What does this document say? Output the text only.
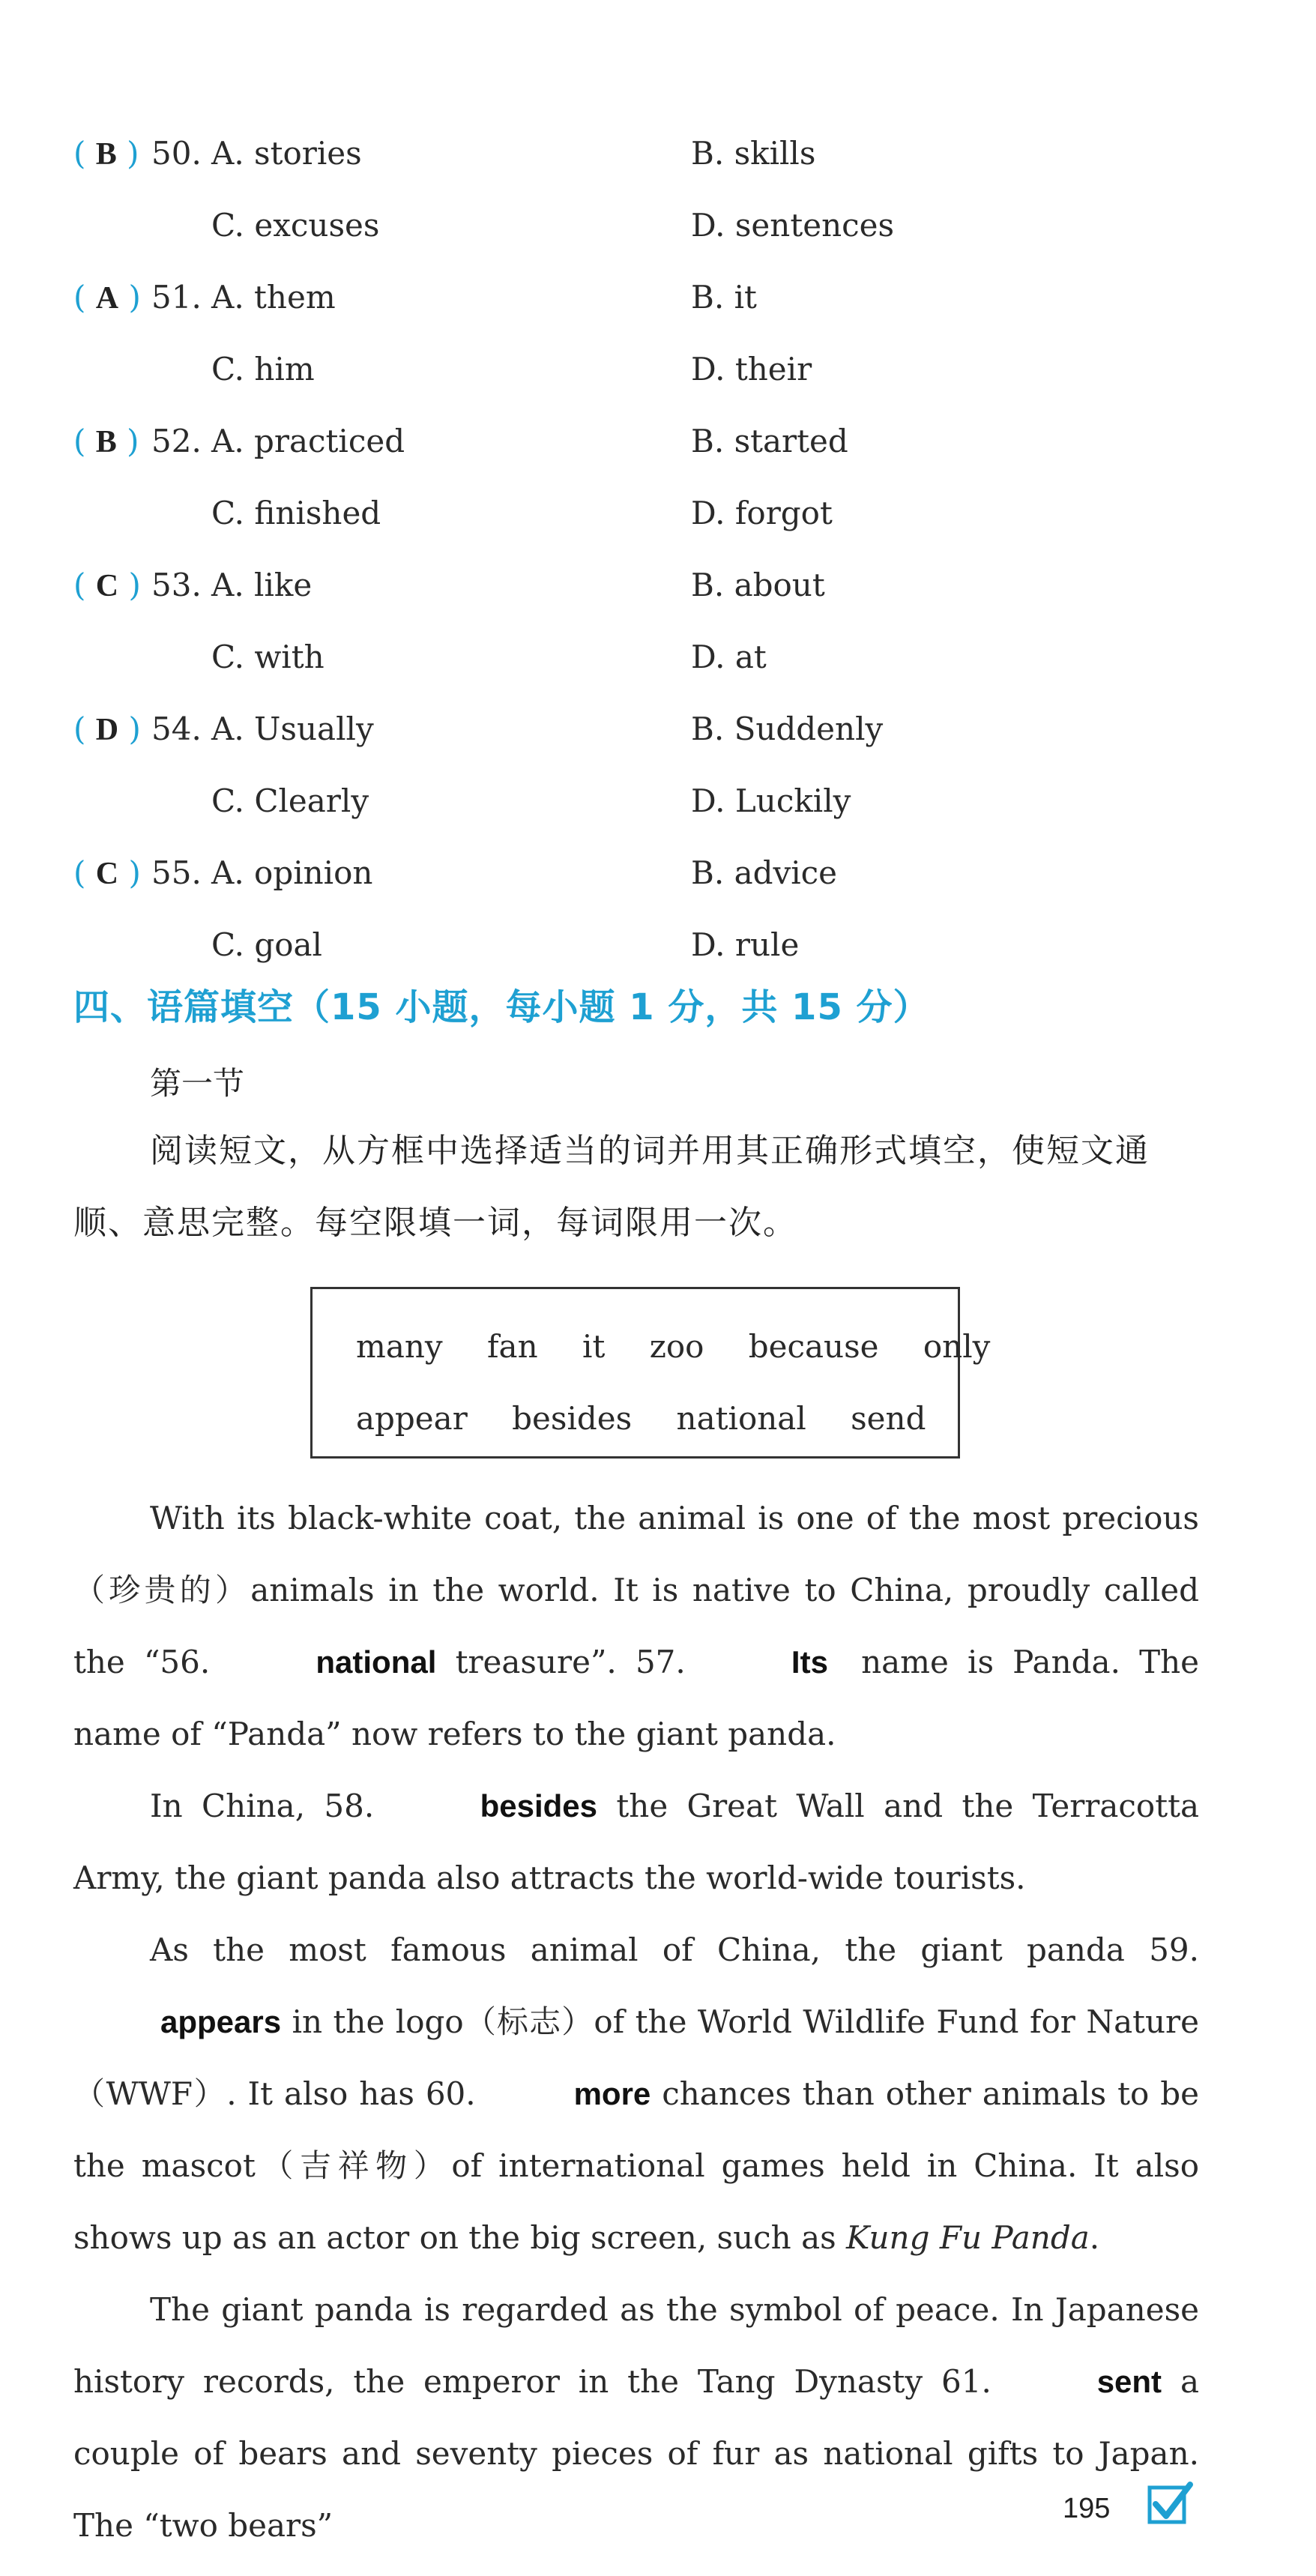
( B ) 50. A. stories	B. skills
C. excuses	D. sentences
( A ) 51. A. them	B. it
C. him	D. their
( B ) 52. A. practiced	B. started
C. finished	D. forgot
( C ) 53. A. like	B. about
C. with	D. at
( D ) 54. A. Usually	B. Suddenly
C. Clearly	D. Luckily
( C ) 55. A. opinion	B. advice
C. goal	D. rule
四、语篇填空（15 小题，每小题 1 分，共 15 分）
第一节
阅读短文，从方框中选择适当的词并用其正确形式填空，使短文通顺、意思完整。每空限填一词，每词限用一次。
many fan it zoo because only
appear besides national send

With its black-white coat, the animal is one of the most precious（珍贵的）animals in the world. It is native to China, proudly called the “56.	national treasure”. 57.	Its name is Panda. The name of “Panda” now refers to the giant panda.

In China, 58.	besides the Great Wall and the Terracotta Army, the giant panda also attracts the world-wide tourists.

As the most famous animal of China, the giant panda 59. appears in the logo（标志）of the World Wildlife Fund for Nature（WWF）. It also has 60.	more chances than other animals to be the mascot（吉祥物）of international games held in China. It also shows up as an actor on the big screen, such as Kung Fu Panda.

The giant panda is regarded as the symbol of peace. In Japanese history records, the emperor in the Tang Dynasty 61.	sent a couple of bears and seventy pieces of fur as national gifts to Japan. The “two bears”	195
